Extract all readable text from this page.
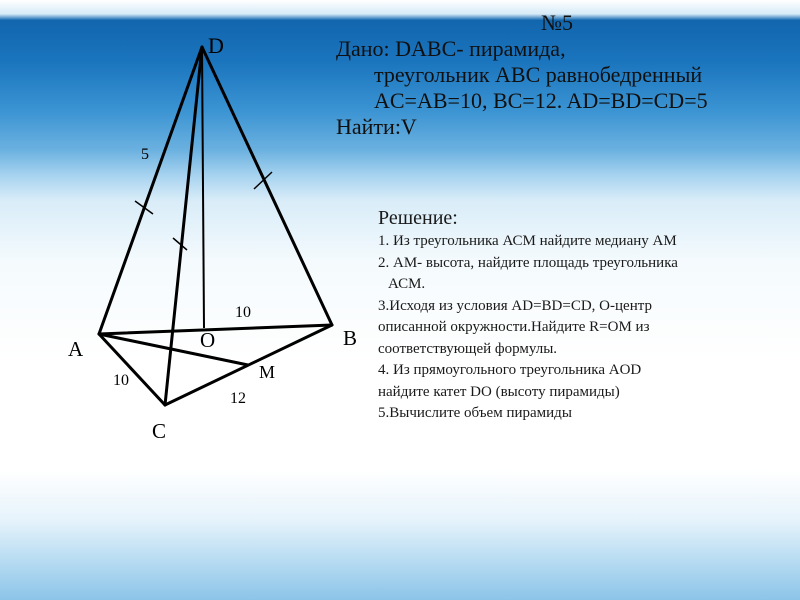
D
A	B
C
O
M
5
10
10
12
№5
Дано: DABC- пирамида,
треугольник ABC равнобедренный
AC=AB=10, BC=12. AD=BD=CD=5
Найти:V
Решение:
1. Из треугольника АСМ найдите медиану АМ
2. АМ- высота, найдите площадь треугольника
АСМ.
3.Исходя из условия AD=BD=CD, O-центр
описанной окружности.Найдите R=OM из
соответствующей формулы.
4. Из прямоугольного треугольника AOD
найдите катет DO (высоту пирамиды)
5.Вычислите объем пирамиды
